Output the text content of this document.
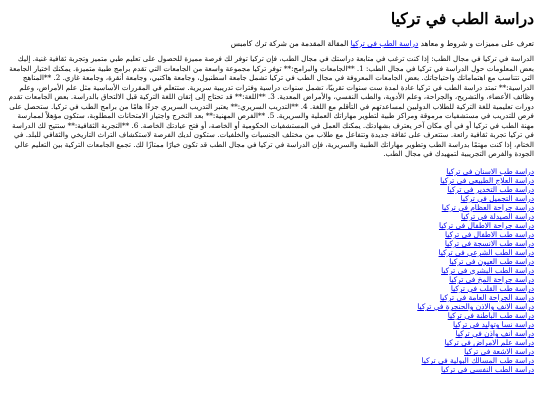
دراسة الطب في تركيا

تعرف على مميزات و شروط و معاهد دراسة الطب فى تركيا المقالة المقدمة من شركة ترك كامبس

الدراسة في تركيا في مجال الطب: إذا كنت ترغب في متابعة دراستك في مجال الطب، فإن تركيا توفر لك فرصة مميزة للحصول على تعليم طبي متميز وتجربة ثقافية غنية. إليك بعض المعلومات حول الدراسة في تركيا في مجال الطب: 1. **الجامعات والبرامج:** توفر تركيا مجموعة واسعة من الجامعات التي تقدم برامج طبية متميزة. يمكنك اختيار الجامعة التي تتناسب مع اهتماماتك واحتياجاتك. بعض الجامعات المعروفة في مجال الطب في تركيا تشمل جامعة اسطنبول، وجامعة هاكتبي، وجامعة أنقرة، وجامعة غازي. 2. **المناهج الدراسية:** تمتد دراسة الطب في تركيا عادة لمدة ست سنوات تقريبًا، تشمل سنوات دراسية وفترات تدريبية سريرية. ستتعلم في المقررات الأساسية مثل علم الأمراض، وعلم وظائف الأعضاء، والتشريح، والجراحة، وعلم الأدوية، والطب النفسي، والأمراض المعدية. 3. **اللغة:** قد تحتاج إلى إتقان اللغة التركية قبل الالتحاق بالدراسة. بعض الجامعات تقدم دورات تعليمية للغة التركية للطلاب الدوليين لمساعدتهم في التأقلم مع اللغة. 4. **التدريب السريري:** يعتبر التدريب السريري جزءًا هامًا من برامج الطب في تركيا. ستحصل على فرص للتدريب في مستشفيات مرموقة ومراكز طبية لتطوير مهاراتك العملية والسريرية. 5. **الفرص المهنية:** بعد التخرج واجتياز الامتحانات المطلوبة، ستكون مؤهلاً لممارسة مهنة الطب في تركيا أو في أي مكان آخر يعترف بشهادتك. يمكنك العمل في المستشفيات الحكومية أو الخاصة، أو فتح عيادتك الخاصة. 6. **التجربة الثقافية:** ستتيح لك الدراسة في تركيا تجربة ثقافية رائعة. ستتعرف على ثقافة جديدة وتتفاعل مع طلاب من مختلف الجنسيات والخلفيات. ستكون لديك الفرصة لاستكشاف التراث التاريخي والثقافي للبلد. في الختام، إذا كنت مهتمًا بدراسة الطب وتطوير مهاراتك الطبية والسريرية، فإن الدراسة في تركيا في مجال الطب قد تكون خيارًا ممتازًا لك. تجمع الجامعات التركية بين التعليم عالي الجودة والفرص التجريبية لتمهيدك في مجال الطب.

دراسة طب الاسنان في تركيا
دراسة العلاج الطبيعي فى تركيا
دراسة طب التخدير فى تركيا
دراسة التجميل في تركيا
دراسة جراحة العظام في تركيا
دراسة الصيدلة في تركيا
دراسة جراحة الاطفال فى تركيا
دراسة طب الاطفال فى تركيا
دراسة طب الانسجة فى تركيا
دراسة الطب الشرعي فى تركيا
دراسة طب العيون فى تركيا
دراسة الطب البشري فى تركيا
دراسة جراحة المخ فى تركيا
دراسة طب القلب في تركيا
دراسة الجراحة العامة فى تركيا
دراسة الانف والاذن والحنجرة في تركيا
دراسة طب الباطنة في تركيا
دراسة نسا وتوليد في تركيا
دراسة انف واذن في تركيا
دراسة علم الامراض في تركيا
دراسة الاشعة في تركيا
دراسة طب المسالك البولية في تركيا
دراسة الطب النفسي في تركيا
